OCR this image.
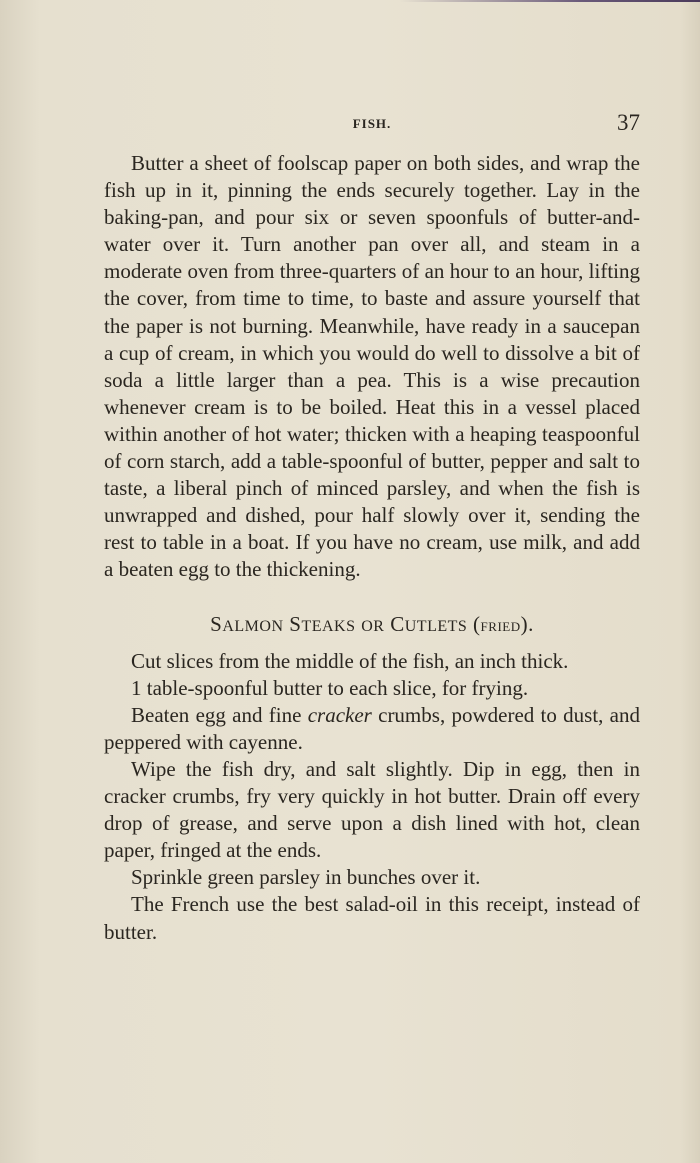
FISH.	37

Butter a sheet of foolscap paper on both sides, and wrap the fish up in it, pinning the ends securely together. Lay in the baking-pan, and pour six or seven spoonfuls of butter-and-water over it. Turn another pan over all, and steam in a moderate oven from three-quarters of an hour to an hour, lifting the cover, from time to time, to baste and assure yourself that the paper is not burning. Meanwhile, have ready in a saucepan a cup of cream, in which you would do well to dissolve a bit of soda a little larger than a pea. This is a wise precaution whenever cream is to be boiled. Heat this in a vessel placed within another of hot water; thicken with a heaping teaspoonful of corn starch, add a table-spoonful of butter, pepper and salt to taste, a liberal pinch of minced parsley, and when the fish is unwrapped and dished, pour half slowly over it, sending the rest to table in a boat. If you have no cream, use milk, and add a beaten egg to the thickening.

SALMON STEAKS OR CUTLETS (FRIED).

Cut slices from the middle of the fish, an inch thick.

1 table-spoonful butter to each slice, for frying.

Beaten egg and fine cracker crumbs, powdered to dust, and peppered with cayenne.

Wipe the fish dry, and salt slightly. Dip in egg, then in cracker crumbs, fry very quickly in hot butter. Drain off every drop of grease, and serve upon a dish lined with hot, clean paper, fringed at the ends.

Sprinkle green parsley in bunches over it.

The French use the best salad-oil in this receipt, instead of butter.
